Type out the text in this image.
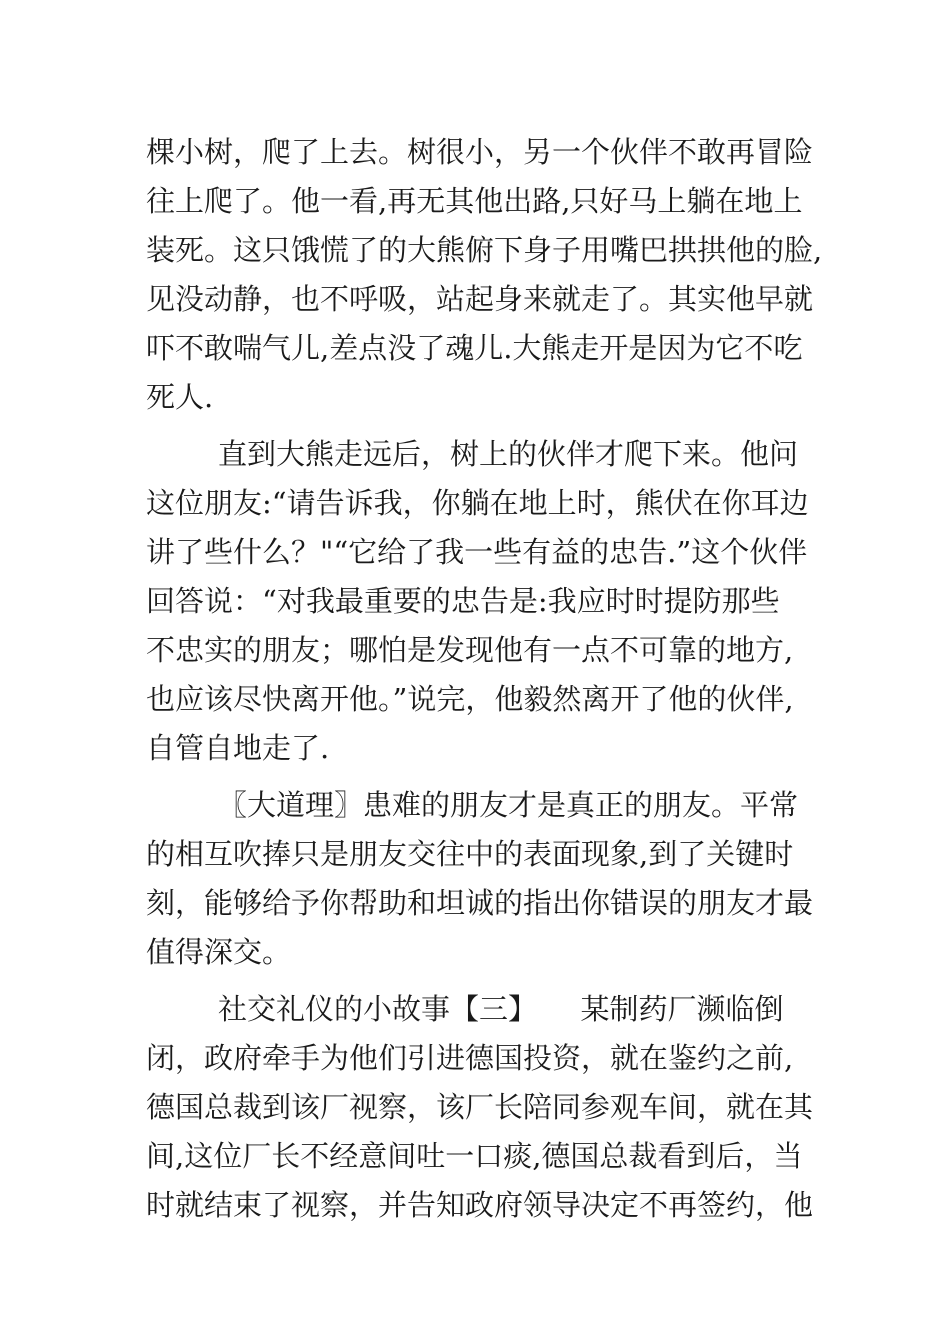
棵小树，爬了上去。树很小，另一个伙伴不敢再冒险
往上爬了。他一看,再无其他出路,只好马上躺在地上
装死。这只饿慌了的大熊俯下身子用嘴巴拱拱他的脸,
见没动静，也不呼吸，站起身来就走了。其实他早就
吓不敢喘气儿,差点没了魂儿.大熊走开是因为它不吃
死人.
直到大熊走远后，树上的伙伴才爬下来。他问
这位朋友:“请告诉我，你躺在地上时，熊伏在你耳边
讲了些什么？"“它给了我一些有益的忠告.”这个伙伴
回答说：“对我最重要的忠告是:我应时时提防那些
不忠实的朋友；哪怕是发现他有一点不可靠的地方,
也应该尽快离开他。”说完，他毅然离开了他的伙伴,
自管自地走了.
〖大道理〗患难的朋友才是真正的朋友。平常
的相互吹捧只是朋友交往中的表面现象,到了关键时
刻，能够给予你帮助和坦诚的指出你错误的朋友才最
值得深交。
社交礼仪的小故事【三】　　某制药厂濒临倒
闭，政府牵手为他们引进德国投资，就在鉴约之前,
德国总裁到该厂视察，该厂长陪同参观车间，就在其
间,这位厂长不经意间吐一口痰,德国总裁看到后，当
时就结束了视察，并告知政府领导决定不再签约，他
